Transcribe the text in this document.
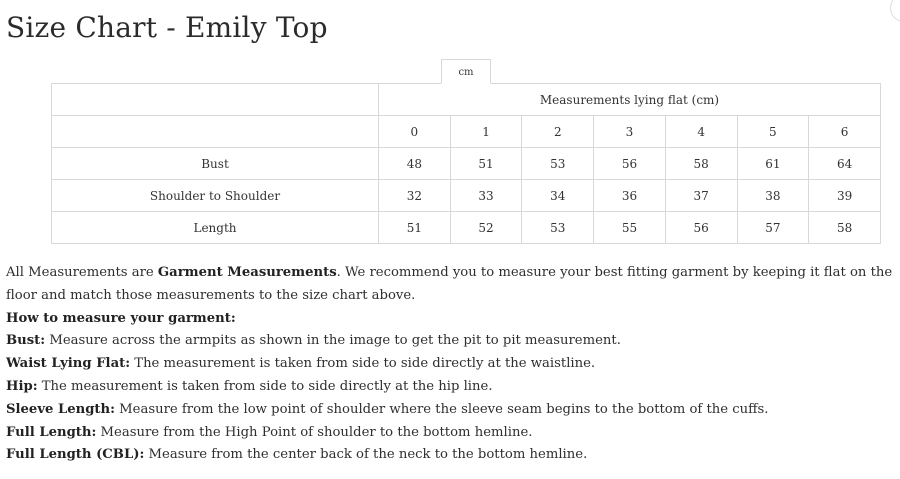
Size Chart - Emily Top
cm
	Measurements lying flat (cm)						
	0	1	2	3	4	5	6
Bust	48	51	53	56	58	61	64
Shoulder to Shoulder	32	33	34	36	37	38	39
Length	51	52	53	55	56	57	58

All Measurements are Garment Measurements. We recommend you to measure your best fitting garment by keeping it flat on the floor and match those measurements to the size chart above.

How to measure your garment:

Bust: Measure across the armpits as shown in the image to get the pit to pit measurement.

Waist Lying Flat: The measurement is taken from side to side directly at the waistline.

Hip: The measurement is taken from side to side directly at the hip line.

Sleeve Length: Measure from the low point of shoulder where the sleeve seam begins to the bottom of the cuffs.

Full Length: Measure from the High Point of shoulder to the bottom hemline.

Full Length (CBL): Measure from the center back of the neck to the bottom hemline.
